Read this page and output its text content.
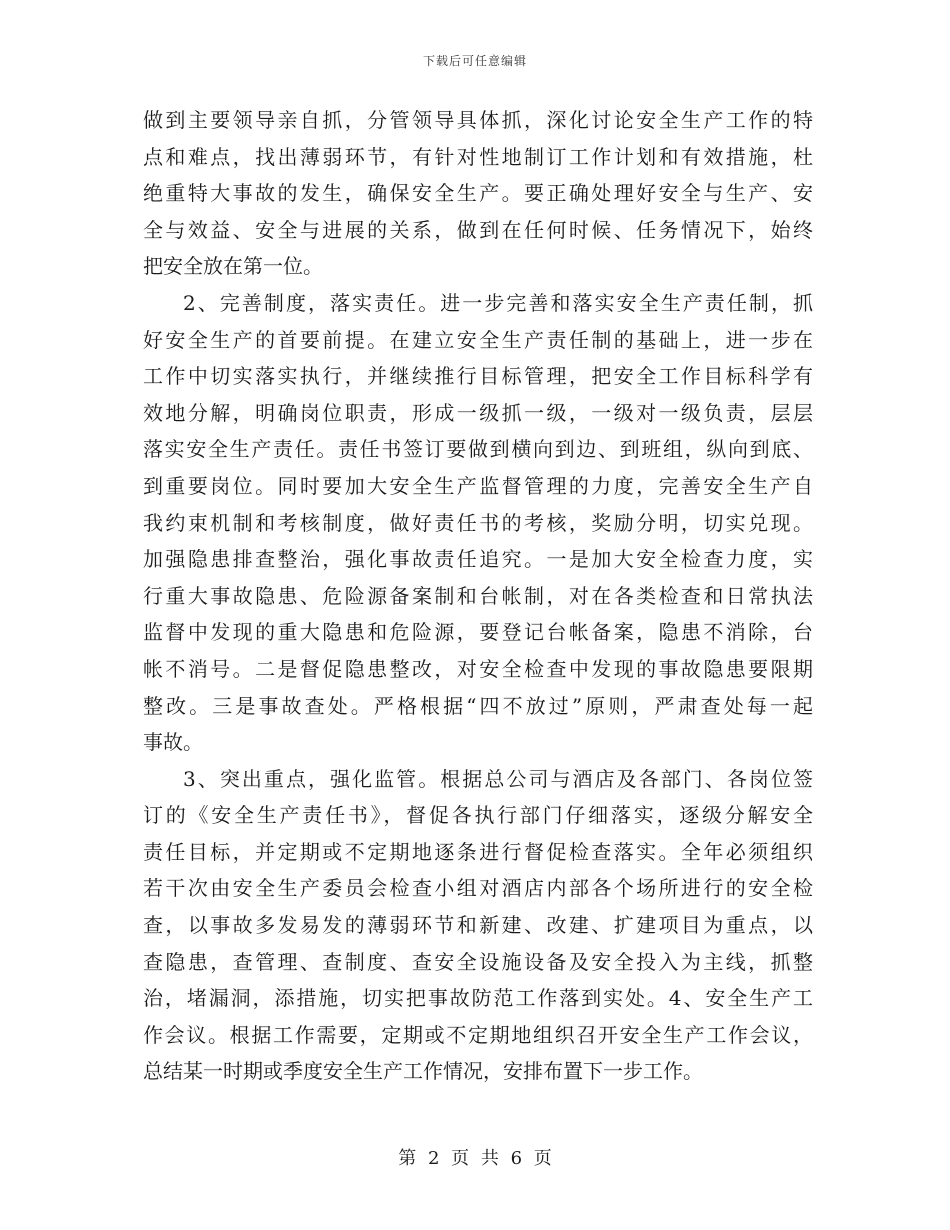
下载后可任意编辑
做到主要领导亲自抓，分管领导具体抓，深化讨论安全生产工作的特
点和难点，找出薄弱环节，有针对性地制订工作计划和有效措施，杜
绝重特大事故的发生，确保安全生产。要正确处理好安全与生产、安
全与效益、安全与进展的关系，做到在任何时候、任务情况下，始终
把安全放在第一位。
2、完善制度，落实责任。进一步完善和落实安全生产责任制，抓
好安全生产的首要前提。在建立安全生产责任制的基础上，进一步在
工作中切实落实执行，并继续推行目标管理，把安全工作目标科学有
效地分解，明确岗位职责，形成一级抓一级，一级对一级负责，层层
落实安全生产责任。责任书签订要做到横向到边、到班组，纵向到底、
到重要岗位。同时要加大安全生产监督管理的力度，完善安全生产自
我约束机制和考核制度，做好责任书的考核，奖励分明，切实兑现。
加强隐患排查整治，强化事故责任追究。一是加大安全检查力度，实
行重大事故隐患、危险源备案制和台帐制，对在各类检查和日常执法
监督中发现的重大隐患和危险源，要登记台帐备案，隐患不消除，台
帐不消号。二是督促隐患整改，对安全检查中发现的事故隐患要限期
整改。三是事故查处。严格根据“四不放过”原则，严肃查处每一起
事故。
3、突出重点，强化监管。根据总公司与酒店及各部门、各岗位签
订的《安全生产责任书》，督促各执行部门仔细落实，逐级分解安全
责任目标，并定期或不定期地逐条进行督促检查落实。全年必须组织
若干次由安全生产委员会检查小组对酒店内部各个场所进行的安全检
查，以事故多发易发的薄弱环节和新建、改建、扩建项目为重点，以
查隐患，查管理、查制度、查安全设施设备及安全投入为主线，抓整
治，堵漏洞，添措施，切实把事故防范工作落到实处。4、安全生产工
作会议。根据工作需要，定期或不定期地组织召开安全生产工作会议，
总结某一时期或季度安全生产工作情况，安排布置下一步工作。
第 2 页 共 6 页
